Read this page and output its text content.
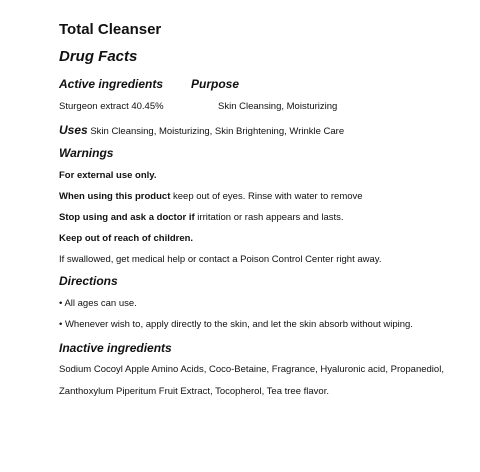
Total Cleanser
Drug Facts
Active ingredients Purpose
Sturgeon extract 40.45%	Skin Cleansing, Moisturizing
Uses Skin Cleansing, Moisturizing, Skin Brightening, Wrinkle Care
Warnings
For external use only.
When using this product keep out of eyes. Rinse with water to remove
Stop using and ask a doctor if irritation or rash appears and lasts.
Keep out of reach of children.
If swallowed, get medical help or contact a Poison Control Center right away.
Directions
• All ages can use.
• Whenever wish to, apply directly to the skin, and let the skin absorb without wiping.
Inactive ingredients
Sodium Cocoyl Apple Amino Acids, Coco-Betaine, Fragrance, Hyaluronic acid, Propanediol,
Zanthoxylum Piperitum Fruit Extract, Tocopherol, Tea tree flavor.
